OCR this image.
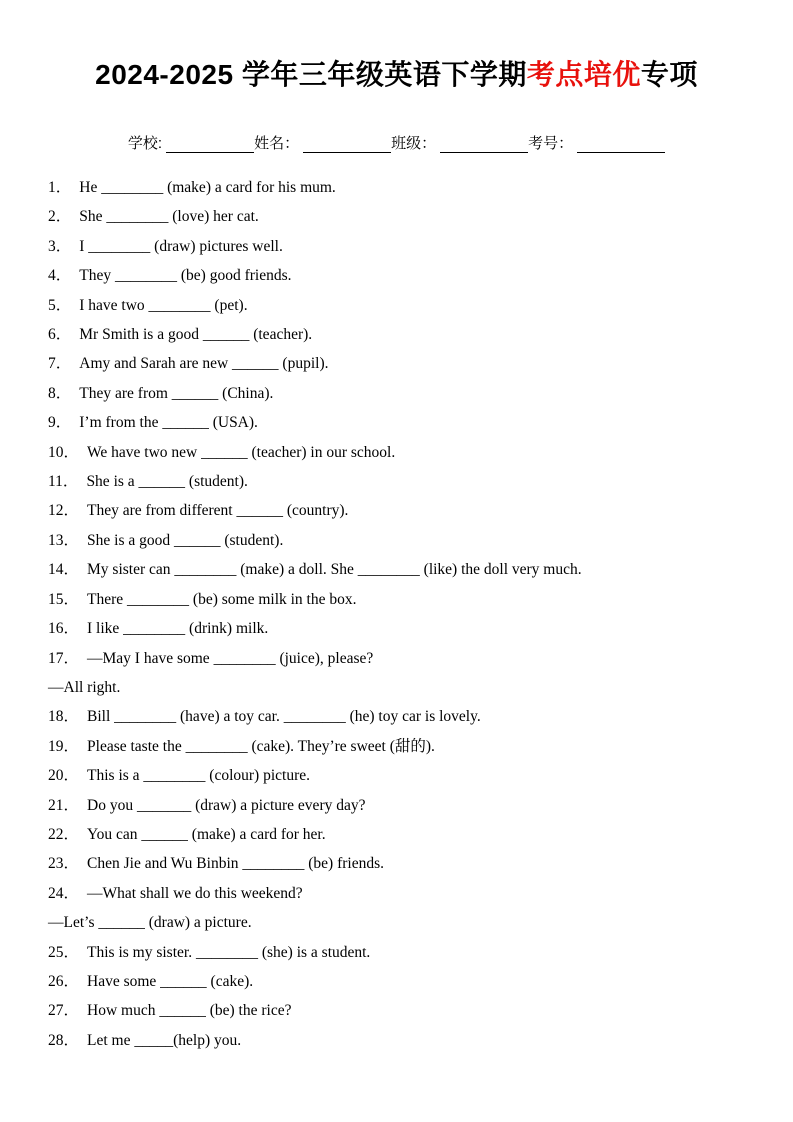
2024-2025 学年三年级英语下学期考点培优专项
学校:	姓名：	班级：	考号：
1． He ________ (make) a card for his mum.
2． She ________ (love) her cat.
3． I ________ (draw) pictures well.
4． They ________ (be) good friends.
5． I have two ________ (pet).
6． Mr Smith is a good ______ (teacher).
7． Amy and Sarah are new ______ (pupil).
8． They are from ______ (China).
9． I’m from the ______ (USA).
10． We have two new ______ (teacher) in our school.
11． She is a ______ (student).
12． They are from different ______ (country).
13． She is a good ______ (student).
14． My sister can ________ (make) a doll. She ________ (like) the doll very much.
15． There ________ (be) some milk in the box.
16． I like ________ (drink) milk.
17． —May I have some ________ (juice), please?
—All right.
18． Bill ________ (have) a toy car. ________ (he) toy car is lovely.
19． Please taste the ________ (cake). They’re sweet (甜的).
20． This is a ________ (colour) picture.
21． Do you _______ (draw) a picture every day?
22． You can ______ (make) a card for her.
23． Chen Jie and Wu Binbin ________ (be) friends.
24． —What shall we do this weekend?
—Let’s ______ (draw) a picture.
25． This is my sister. ________ (she) is a student.
26． Have some ______ (cake).
27． How much ______ (be) the rice?
28． Let me _____(help) you.
